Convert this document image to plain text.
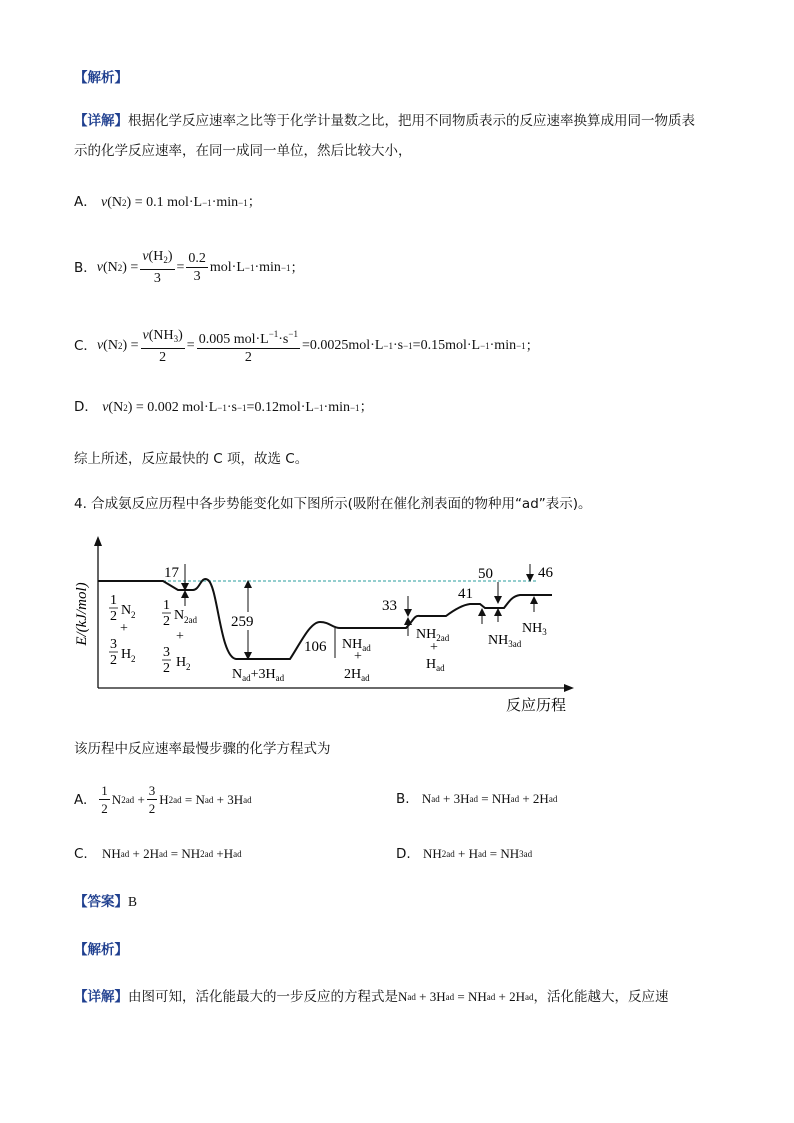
【解析】
【详解】根据化学反应速率之比等于化学计量数之比，把用不同物质表示的反应速率换算成用同一物质表
示的化学反应速率，在同一成同一单位，然后比较大小，
A． v (N 2 ) = 0.1 mol·L −1 ·min −1 ；
B． v (N 2 ) = $\frac{v(H_2)}{3} = \frac{0.2}{3} mol\cdot L -1 \cdot\min -1$ ；
C． v (N 2 ) = $\frac{v(NH_3)}{2} = \frac{0.005 mol\cdot L^{-1}\cdot s^{-1}}{2} = 0.0025$ mol·L −1 ·s −1 = 0.15 mol·L −1 ·min −1 ；
D． v (N 2 ) = 0.002 mol·L −1 ·s −1 = 0.12 mol·L −1 ·min −1 ；
综上所述，反应最快的 C 项，故选 C。
4. 合成氨反应历程中各步势能变化如下图所示(吸附在催化剂表面的物种用“ad”表示)。
E/(kJ/mol)
反应历程
17
259
106
33
41
50	46
1
2 N 2
+
3
2 H 2
1
2 N 2ad
+
3
2 H 2	$N_{ad}+3H_{ad}$
$NH_{ad}$
+
$2H_{ad}$
$NH_{2ad}$
+
$H_{ad}$
$NH_{3ad}$
$NH_3$
该历程中反应速率最慢步骤的化学方程式为
A. $\frac{1}{2}$ N $2ad + \frac{3}{2}$ H 2ad = N ad + 3H ad	B. N ad + 3H ad = NH ad + 2H ad
C. NH ad + 2H ad = NH 2ad +H ad	D. NH 2ad + H ad = NH 3ad
【答案】B
【解析】
【详解】由图可知，活化能最大的一步反应的方程式是N ad + 3H ad = NH ad + 2H ad ，活化能越大，反应速
